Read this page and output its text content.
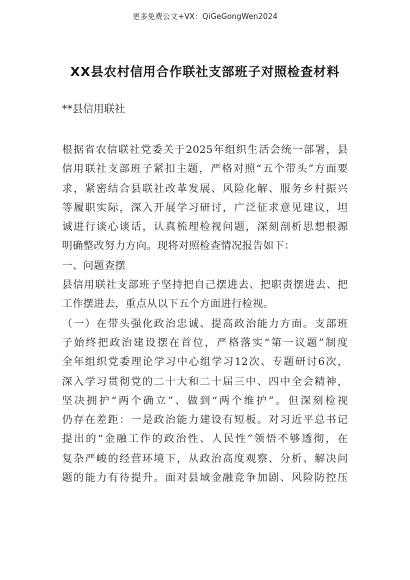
更多免费公文+VX：QiGeGongWen2024
XX县农村信用合作联社支部班子对照检查材料
**县信用联社
根据省农信联社党委关于2025年组织生活会统一部署，县
信用联社支部班子紧扣主题，严格对照“五个带头”方面要
求，紧密结合县联社改革发展、风险化解、服务乡村振兴
等履职实际，深入开展学习研讨，广泛征求意见建议，坦
诚进行谈心谈话，认真梳理检视问题，深刻剖析思想根源
明确整改努力方向。现将对照检查情况报告如下：
一、问题查摆
县信用联社支部班子坚持把自己摆进去、把职责摆进去、把
工作摆进去，重点从以下五个方面进行检视。
（一）在带头强化政治忠诚、提高政治能力方面。支部班
子始终把政治建设摆在首位，严格落实“第一议题”制度
全年组织党委理论学习中心组学习12次、专题研讨6次，
深入学习贯彻党的二十大和二十届三中、四中全会精神，
坚决拥护“两个确立”、做到“两个维护”。但深刻检视
仍存在差距：一是政治能力建设有短板。对习近平总书记
提出的“金融工作的政治性、人民性”领悟不够透彻，在
复杂严峻的经营环境下，从政治高度观察、分析、解决问
题的能力有待提升。面对县域金融竞争加剧、风险防控压
